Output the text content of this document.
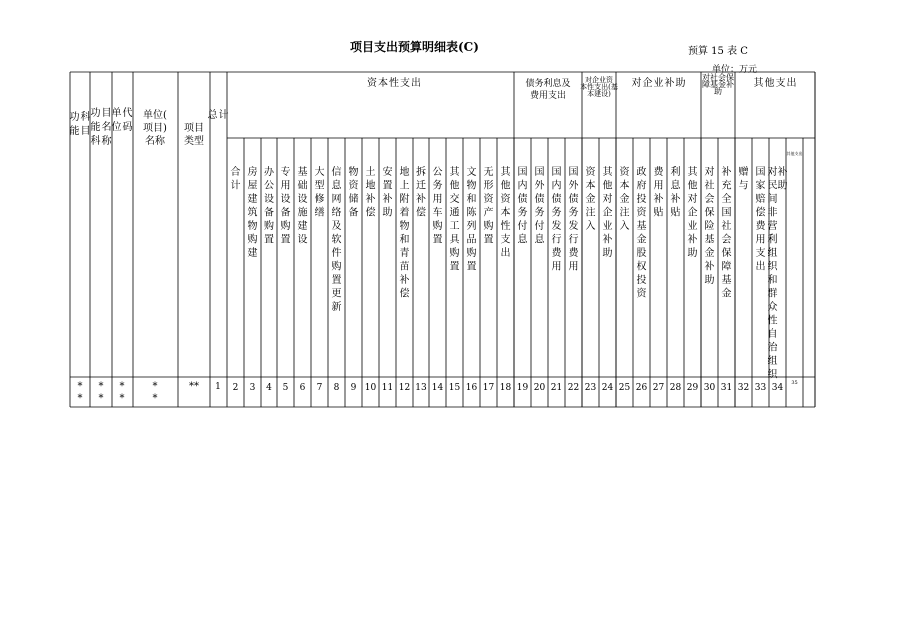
项目支出预算明细表(C)	预算 15 表 C
单位：万元
功
能
科
目
功
能
科
目
名
称
单
位
代
码
单位(
项目)
名称
项目
类型
总 计
资 本 性 支 出	债务利息及
费用支出
对企业资
本性支出(基
本建设)
对 企 业 补 助
对社会保
障基金补
助
其 他 支 出
合
计
2
房
屋
建
筑
物
购
建
3
办
公
设
备
购
置
4
专
用
设
备
购
置
5
基
础
设
施
建
设
6
大
型
修
缮
7
信
息
网
络
及
软
件
购
置
更
新
8
物
资
储
备
9
土
地
补
偿
10
安
置
补
助
11
地
上
附
着
物
和
青
苗
补
偿
12
拆
迁
补
偿
13
公
务
用
车
购
置
14
其
他
交
通
工
具
购
置
15
文
物
和
陈
列
品
购
置
16
无
形
资
产
购
置
17
其
他
资
本
性
支
出
18
国
内
债
务
付
息
19
国
外
债
务
付
息
20
国
内
债
务
发
行
费
用
21
国
外
债
务
发
行
费
用
22
资
本
金
注
入
23
其
他
对
企
业
补
助
24
资
本
金
注
入
25
政
府
投
资
基
金
股
权
投
资
26
费
用
补
贴
27
利
息
补
贴
28
其
他
对
企
业
补
助
29
对
社
会
保
险
基
金
补
助
30
补
充
全
国
社
会
保
障
基
金
31
赠
与
32
国
家
赔
偿
费
用
支
出
33
对
民
间
非
营
利
组
织
和
群
众
性
自
治
组
织
补
助
34
其他支出
35
*
*
*
*
*
*
*
*
** 1
